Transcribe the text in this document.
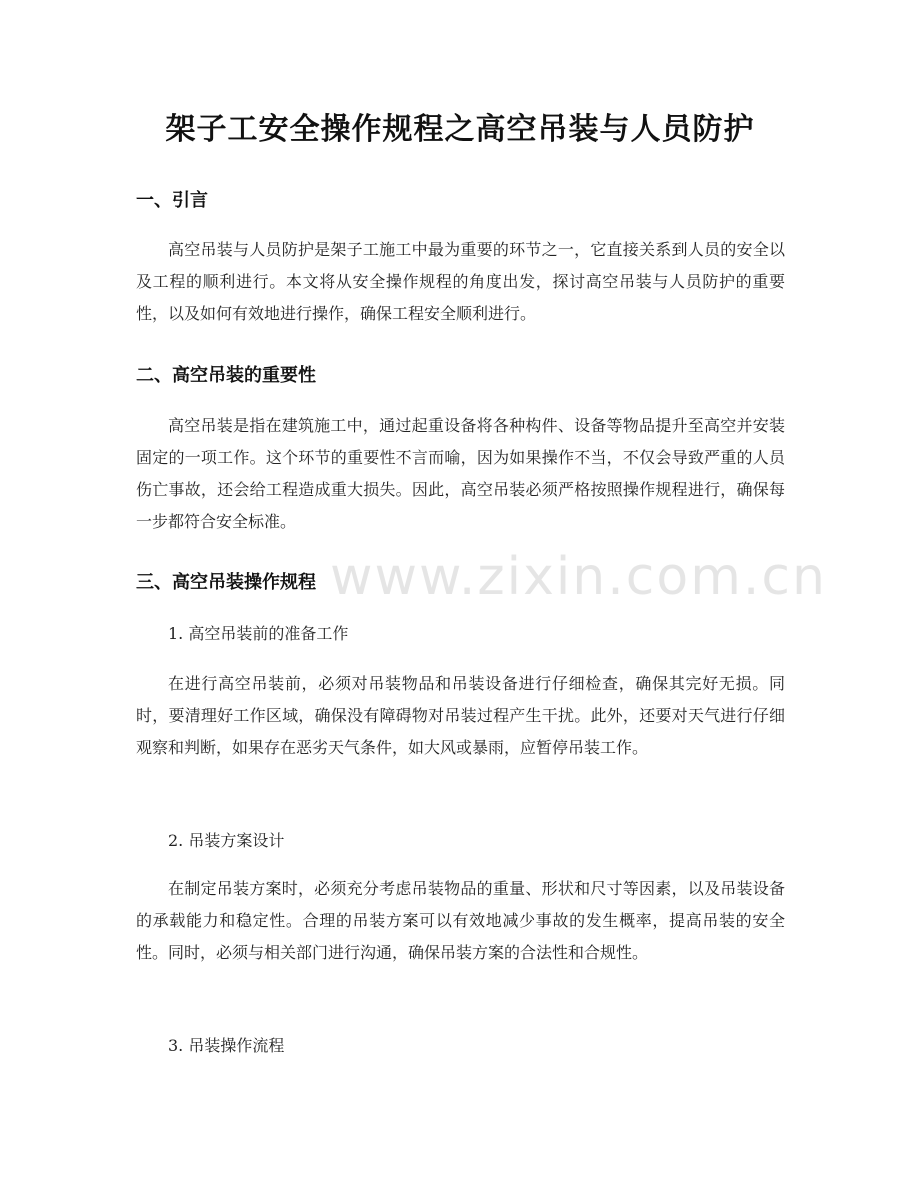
架子工安全操作规程之高空吊装与人员防护
一、引言

高空吊装与人员防护是架子工施工中最为重要的环节之一，它直接关系到人员的安全以及工程的顺利进行。本文将从安全操作规程的角度出发，探讨高空吊装与人员防护的重要性，以及如何有效地进行操作，确保工程安全顺利进行。

二、高空吊装的重要性

高空吊装是指在建筑施工中，通过起重设备将各种构件、设备等物品提升至高空并安装固定的一项工作。这个环节的重要性不言而喻，因为如果操作不当，不仅会导致严重的人员伤亡事故，还会给工程造成重大损失。因此，高空吊装必须严格按照操作规程进行，确保每一步都符合安全标准。

三、高空吊装操作规程

1. 高空吊装前的准备工作

在进行高空吊装前，必须对吊装物品和吊装设备进行仔细检查，确保其完好无损。同时，要清理好工作区域，确保没有障碍物对吊装过程产生干扰。此外，还要对天气进行仔细观察和判断，如果存在恶劣天气条件，如大风或暴雨，应暂停吊装工作。

2. 吊装方案设计

在制定吊装方案时，必须充分考虑吊装物品的重量、形状和尺寸等因素，以及吊装设备的承载能力和稳定性。合理的吊装方案可以有效地减少事故的发生概率，提高吊装的安全性。同时，必须与相关部门进行沟通，确保吊装方案的合法性和合规性。

3. 吊装操作流程

www.zixin.com.cn
